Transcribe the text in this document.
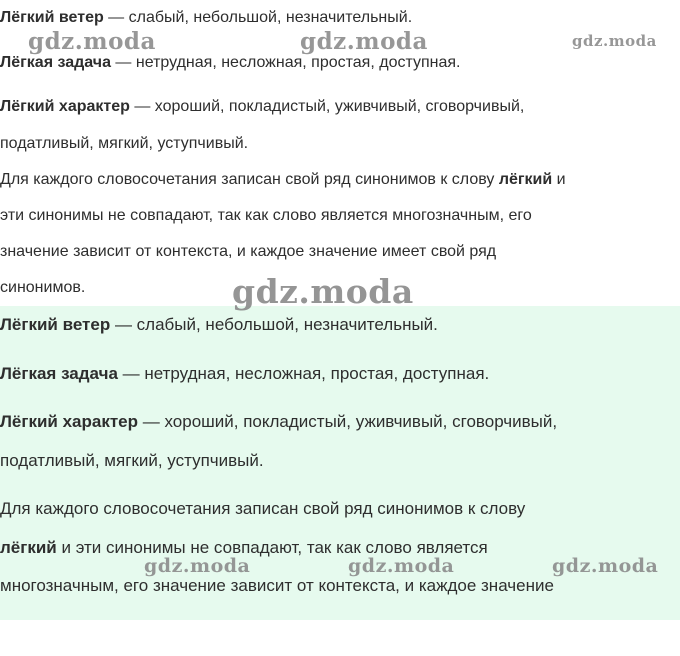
Лёгкий ветер — слабый, небольшой, незначительный.
Лёгкая задача — нетрудная, несложная, простая, доступная.
Лёгкий характер — хороший, покладистый, уживчивый, сговорчивый,
податливый, мягкий, уступчивый.
Для каждого словосочетания записан свой ряд синонимов к слову лёгкий и
эти синонимы не совпадают, так как слово является многозначным, его
значение зависит от контекста, и каждое значение имеет свой ряд
синонимов.
Лёгкий ветер — слабый, небольшой, незначительный.
Лёгкая задача — нетрудная, несложная, простая, доступная.
Лёгкий характер — хороший, покладистый, уживчивый, сговорчивый,
податливый, мягкий, уступчивый.
Для каждого словосочетания записан свой ряд синонимов к слову
лёгкий и эти синонимы не совпадают, так как слово является
многозначным, его значение зависит от контекста, и каждое значение
gdz.moda	gdz.moda	gdz.moda
gdz.moda
gdz.moda	gdz.moda	gdz.moda
